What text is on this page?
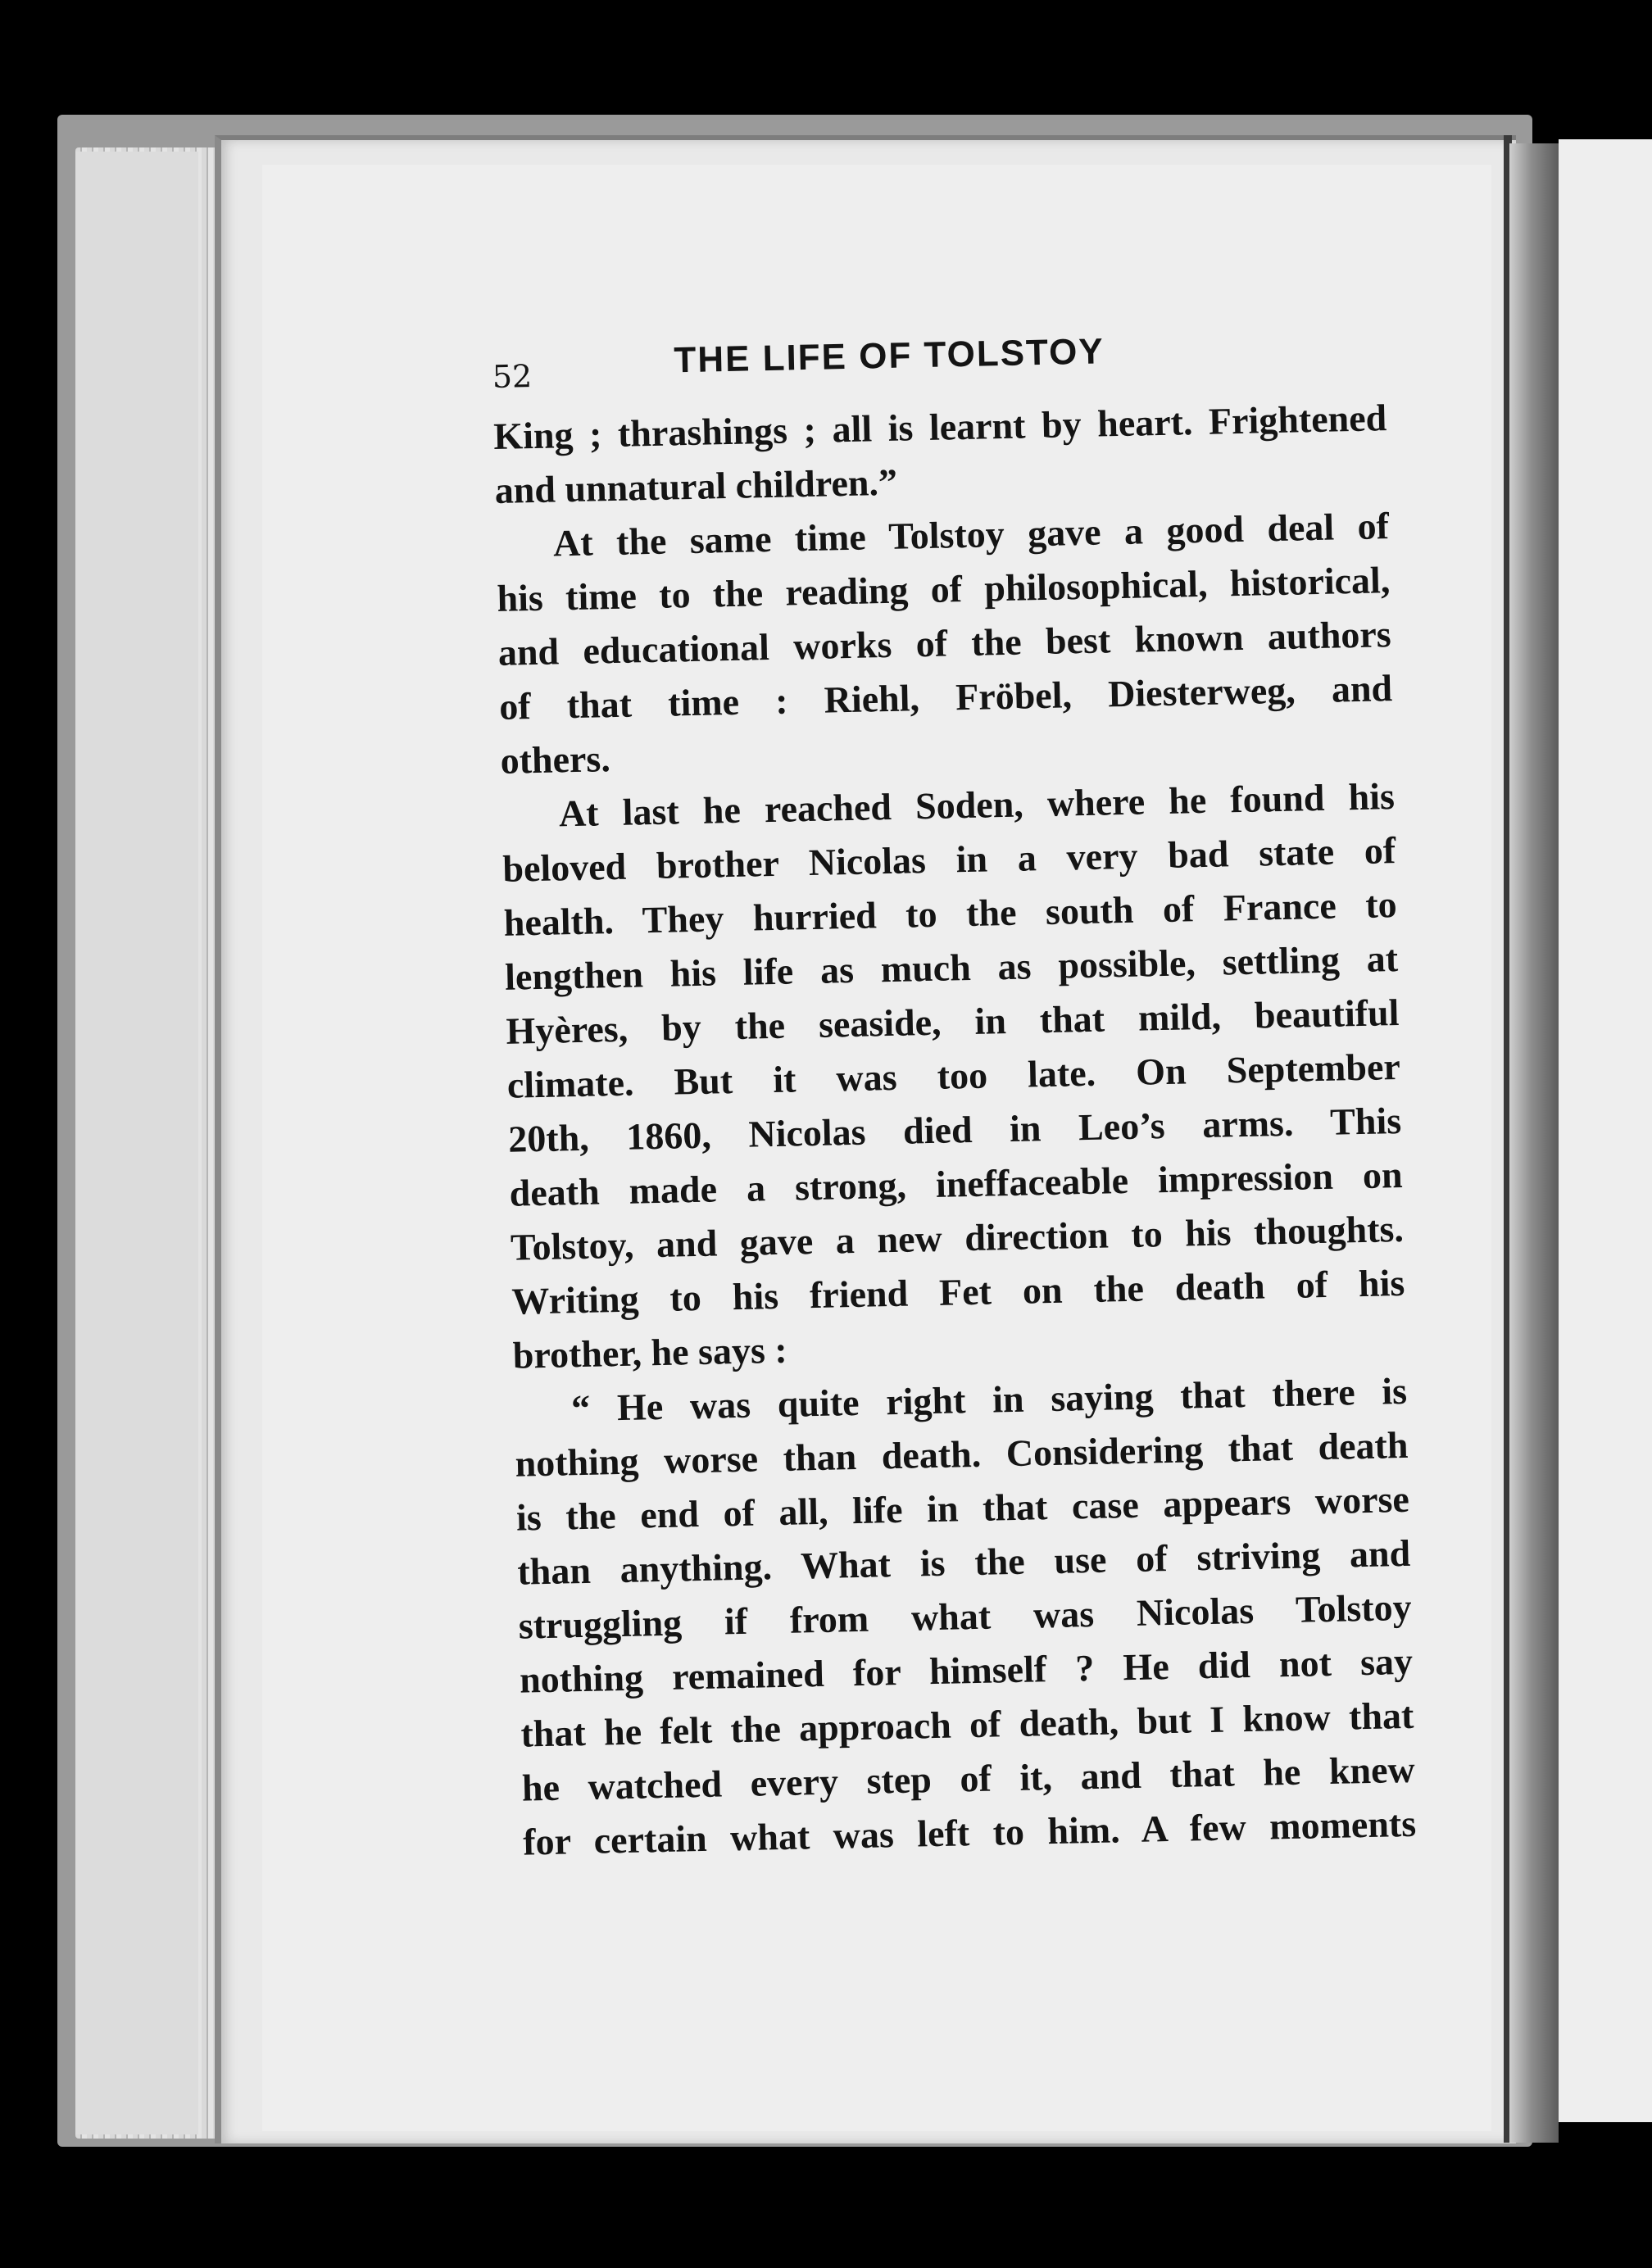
52	THE LIFE OF TOLSTOY
King ; thrashings ; all is learnt by heart. Frightened
and unnatural children.”
At the same time Tolstoy gave a good deal of
his time to the reading of philosophical, historical,
and educational works of the best known authors
of that time : Riehl, Fröbel, Diesterweg, and
others.
At last he reached Soden, where he found his
beloved brother Nicolas in a very bad state of
health. They hurried to the south of France to
lengthen his life as much as possible, settling at
Hyères, by the seaside, in that mild, beautiful
climate. But it was too late. On September
20th, 1860, Nicolas died in Leo’s arms. This
death made a strong, ineffaceable impression on
Tolstoy, and gave a new direction to his thoughts.
Writing to his friend Fet on the death of his
brother, he says :
“ He was quite right in saying that there is
nothing worse than death. Considering that death
is the end of all, life in that case appears worse
than anything. What is the use of striving and
struggling if from what was Nicolas Tolstoy
nothing remained for himself ? He did not say
that he felt the approach of death, but I know that
he watched every step of it, and that he knew
for certain what was left to him. A few moments
